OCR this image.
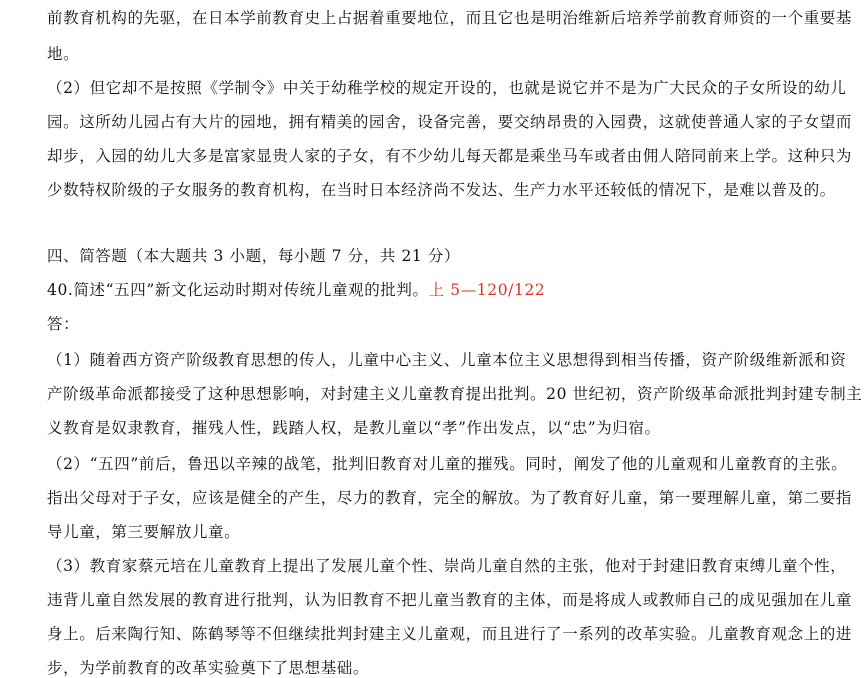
前教育机构的先驱，在日本学前教育史上占据着重要地位，而且它也是明治维新后培养学前教育师资的一个重要基
地。
（2）但它却不是按照《学制令》中关于幼稚学校的规定开设的，也就是说它并不是为广大民众的子女所设的幼儿
园。这所幼儿园占有大片的园地，拥有精美的园舍，设备完善，要交纳昂贵的入园费，这就使普通人家的子女望而
却步，入园的幼儿大多是富家显贵人家的子女，有不少幼儿每天都是乘坐马车或者由佣人陪同前来上学。这种只为
少数特权阶级的子女服务的教育机构，在当时日本经济尚不发达、生产力水平还较低的情况下，是难以普及的。
四、简答题（本大题共 3 小题，每小题 7 分，共 21 分）
40.简述“五四”新文化运动时期对传统儿童观的批判。上 5—120/122
答：
（1）随着西方资产阶级教育思想的传人，儿童中心主义、儿童本位主义思想得到相当传播，资产阶级维新派和资
产阶级革命派都接受了这种思想影响，对封建主义儿童教育提出批判。20 世纪初，资产阶级革命派批判封建专制主
义教育是奴隶教育，摧残人性，践踏人权，是教儿童以“孝”作出发点，以“忠”为归宿。
（2）“五四”前后，鲁迅以辛辣的战笔，批判旧教育对儿童的摧残。同时，阐发了他的儿童观和儿童教育的主张。
指出父母对于子女，应该是健全的产生，尽力的教育，完全的解放。为了教育好儿童，第一要理解儿童，第二要指
导儿童，第三要解放儿童。
（3）教育家蔡元培在儿童教育上提出了发展儿童个性、崇尚儿童自然的主张，他对于封建旧教育束缚儿童个性，
违背儿童自然发展的教育进行批判，认为旧教育不把儿童当教育的主体，而是将成人或教师自己的成见强加在儿童
身上。后来陶行知、陈鹤琴等不但继续批判封建主义儿童观，而且进行了一系列的改革实验。儿童教育观念上的进
步，为学前教育的改革实验奠下了思想基础。
